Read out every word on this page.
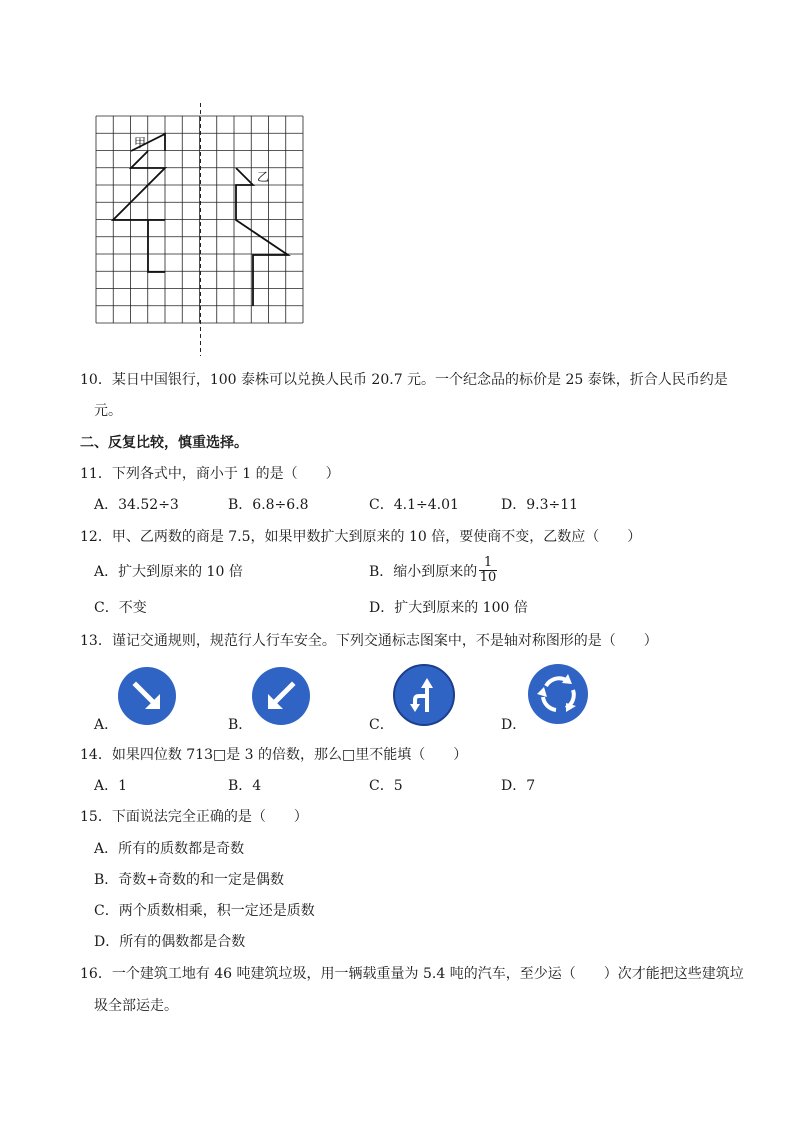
甲
乙
10．某日中国银行，100 泰株可以兑换人民币 20.7 元。一个纪念品的标价是 25 泰铢，折合人民币约是
元。
二、反复比较，慎重选择。
11．下列各式中，商小于 1 的是（　　）
A．34.52÷3	B．6.8÷6.8	C．4.1÷4.01	D．9.3÷11
12．甲、乙两数的商是 7.5，如果甲数扩大到原来的 10 倍，要使商不变，乙数应（　　）
A．扩大到原来的 10 倍	B．缩小到原来的 $\frac{1}{10}$
C．不变	D．扩大到原来的 100 倍
13．谨记交通规则，规范行人行车安全。下列交通标志图案中，不是轴对称图形的是（　　）
A．	B．	C．	D．
14．如果四位数 713□是 3 的倍数，那么□里不能填（　　）
A．1	B．4	C．5	D．7
15．下面说法完全正确的是（　　）
A．所有的质数都是奇数
B．奇数+奇数的和一定是偶数
C．两个质数相乘，积一定还是质数
D．所有的偶数都是合数
16．一个建筑工地有 46 吨建筑垃圾，用一辆载重量为 5.4 吨的汽车，至少运（　　）次才能把这些建筑垃
圾全部运走。
